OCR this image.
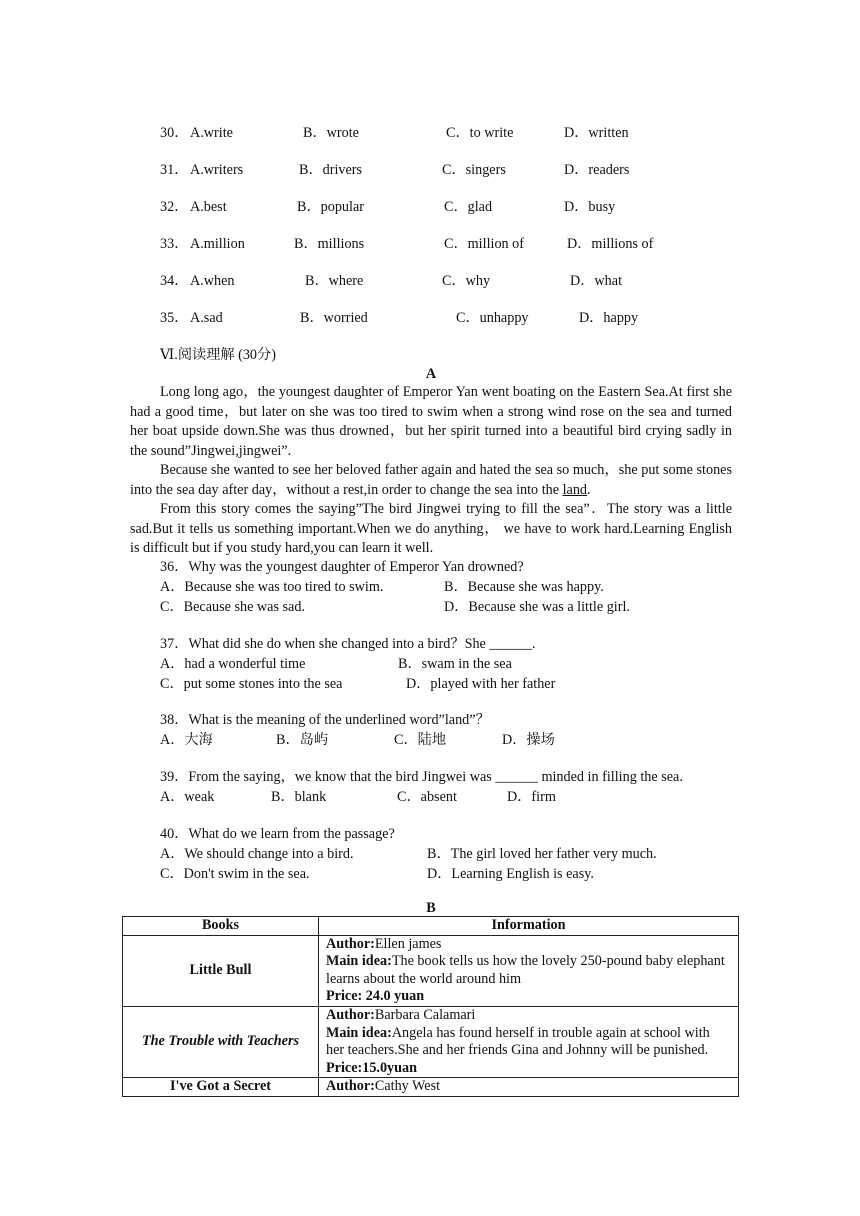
30． A.write	B．wrote	C．to write	D．written
31． A.writers	B．drivers	C．singers	D．readers
32． A.best	B．popular	C．glad	D．busy
33． A.million	B．millions	C．million of	D．millions of
34． A.when	B．where	C．why	D．what
35． A.sad	B．worried	C．unhappy	D．happy
Ⅵ.阅读理解 (30分)
A
Long long ago，the youngest daughter of Emperor Yan went boating on the Eastern Sea.At first she had a good time，but later on she was too tired to swim when a strong wind rose on the sea and turned her boat upside down.She was thus drowned，but her spirit turned into a beautiful bird crying sadly in the sound”Jingwei,jingwei”.
Because she wanted to see her beloved father again and hated the sea so much，she put some stones into the sea day after day，without a rest,in order to change the sea into the land.
From this story comes the saying”The bird Jingwei trying to fill the sea”．The story was a little sad.But it tells us something important.When we do anything， we have to work hard.Learning English is difficult but if you study hard,you can learn it well.
36．Why was the youngest daughter of Emperor Yan drowned?
A．Because she was too tired to swim.	B．Because she was happy.
C．Because she was sad.	D．Because she was a little girl.
37．What did she do when she changed into a bird？She ______.
A．had a wonderful time	B．swam in the sea
C．put some stones into the sea	D．played with her father
38．What is the meaning of the underlined word”land”？
A．大海	B．岛屿	C．陆地	D．操场
39．From the saying，we know that the bird Jingwei was ______ minded in filling the sea.
A．weak	B．blank	C．absent	D．firm
40．What do we learn from the passage?
A．We should change into a bird.	B．The girl loved her father very much.
C．Don't swim in the sea.	D．Learning English is easy.
B
Books	Information
Little Bull	Author:Ellen james
Main idea:The book tells us how the lovely 250-pound baby elephant learns about the world around him
Price: 24.0 yuan

The Trouble with Teachers	Author:Barbara Calamari
Main idea:Angela has found herself in trouble again at school with her teachers.She and her friends Gina and Johnny will be punished.
Price:15.0yuan

I've Got a Secret	Author:Cathy West
